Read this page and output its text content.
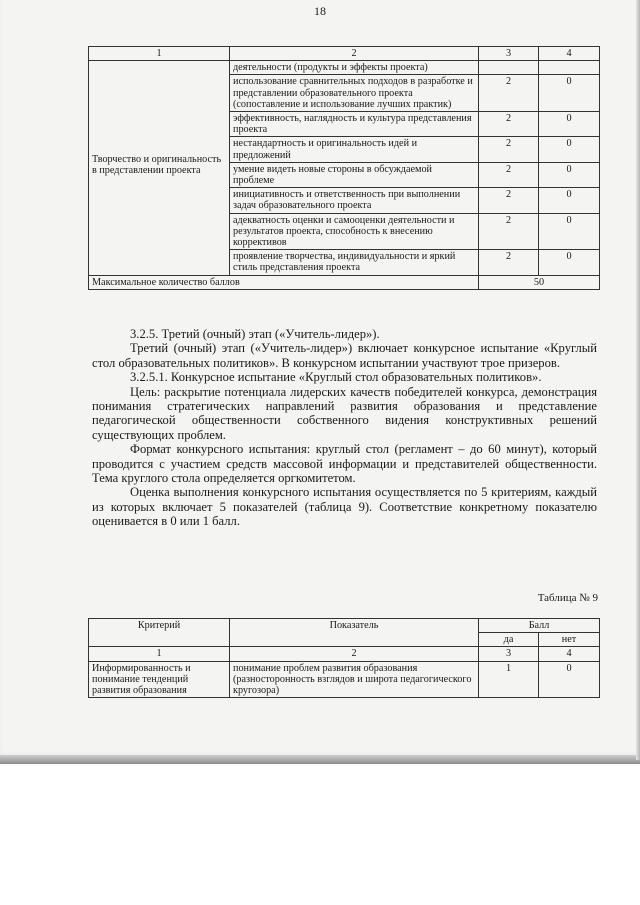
18
1	2	3	4
Творчество и оригинальность в представлении проекта	деятельности (продукты и эффекты проекта)		
	использование сравнительных подходов в разработке и представлении образовательного проекта (сопоставление и использование лучших практик)	2	0
	эффективность, наглядность и культура представления проекта	2	0
	нестандартность и оригинальность идей и предложений	2	0
	умение видеть новые стороны в обсуждаемой проблеме	2	0
	инициативность и ответственность при выполнении задач образовательного проекта	2	0
	адекватность оценки и самооценки деятельности и результатов проекта, способность к внесению коррективов	2	0
	проявление творчества, индивидуальности и яркий стиль представления проекта	2	0
Максимальное количество баллов		50	

3.2.5. Третий (очный) этап («Учитель-лидер»).

Третий (очный) этап («Учитель-лидер») включает конкурсное испытание «Круглый стол образовательных политиков». В конкурсном испытании участвуют трое призеров.

3.2.5.1. Конкурсное испытание «Круглый стол образовательных политиков».

Цель: раскрытие потенциала лидерских качеств победителей конкурса, демонстрация понимания стратегических направлений развития образования и представление педагогической общественности собственного видения конструктивных решений существующих проблем.

Формат конкурсного испытания: круглый стол (регламент – до 60 минут), который проводится с участием средств массовой информации и представителей общественности. Тема круглого стола определяется оргкомитетом.

Оценка выполнения конкурсного испытания осуществляется по 5 критериям, каждый из которых включает 5 показателей (таблица 9). Соответствие конкретному показателю оценивается в 0 или 1 балл.

Таблица № 9
Критерий	Показатель	Балл	
		да	нет
1	2	3	4
Информированность и понимание тенденций развития образования	понимание проблем развития образования (разносторонность взглядов и широта педагогического кругозора)	1	0
